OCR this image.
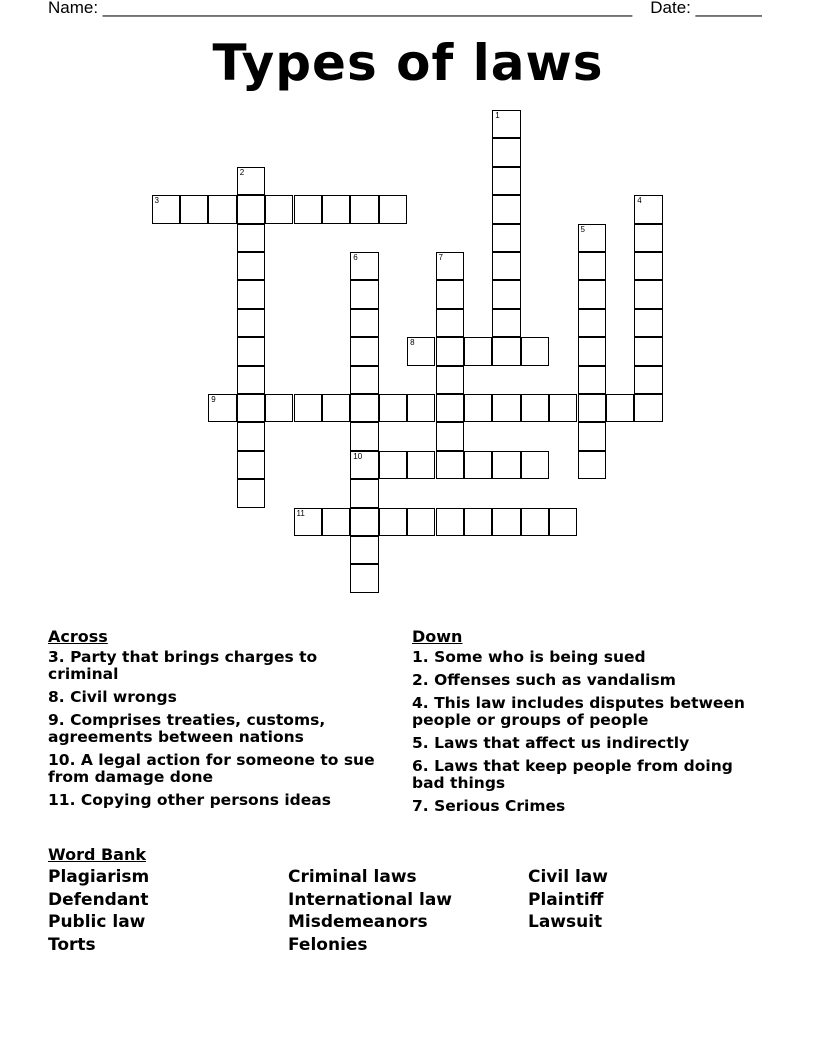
Name: ________________________________________________________ Date: _______
Types of laws
1
2
3	4
5
6
10
7
8
9
11
Across
3. Party that brings charges to criminal
8. Civil wrongs
9. Comprises treaties, customs, agreements between nations
10. A legal action for someone to sue from damage done
11. Copying other persons ideas
Down
1. Some who is being sued
2. Offenses such as vandalism
4. This law includes disputes between people or groups of people
5. Laws that affect us indirectly
6. Laws that keep people from doing bad things
7. Serious Crimes
Word Bank
Plagiarism
Defendant
Public law
Torts
Criminal laws
International law
Misdemeanors
Felonies
Civil law
Plaintiff
Lawsuit
